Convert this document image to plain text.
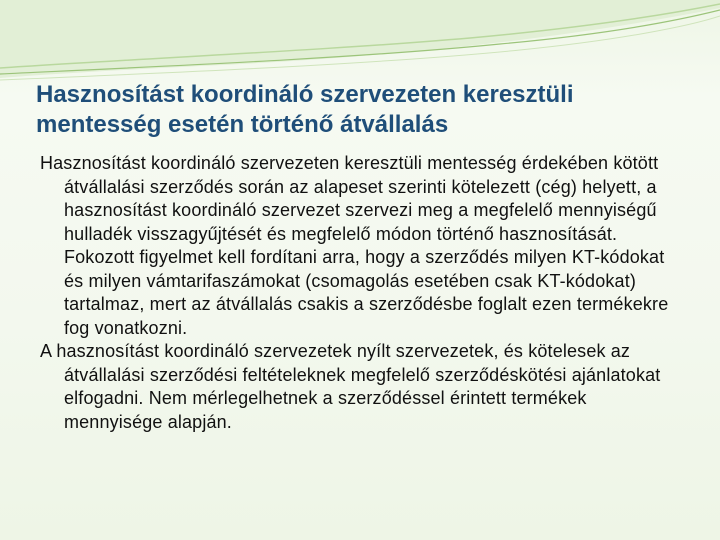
Hasznosítást koordináló szervezeten keresztüli mentesség esetén történő átvállalás

Hasznosítást koordináló szervezeten keresztüli mentesség érdekében kötött átvállalási szerződés során az alapeset szerinti kötelezett (cég) helyett, a hasznosítást koordináló szervezet szervezi meg a megfelelő mennyiségű hulladék visszagyűjtését és megfelelő módon történő hasznosítását. Fokozott figyelmet kell fordítani arra, hogy a szerződés milyen KT-kódokat és milyen vámtarifaszámokat (csomagolás esetében csak KT-kódokat) tartalmaz, mert az átvállalás csakis a szerződésbe foglalt ezen termékekre fog vonatkozni.

A hasznosítást koordináló szervezetek nyílt szervezetek, és kötelesek az átvállalási szerződési feltételeknek megfelelő szerződéskötési ajánlatokat elfogadni. Nem mérlegelhetnek a szerződéssel érintett termékek mennyisége alapján.
